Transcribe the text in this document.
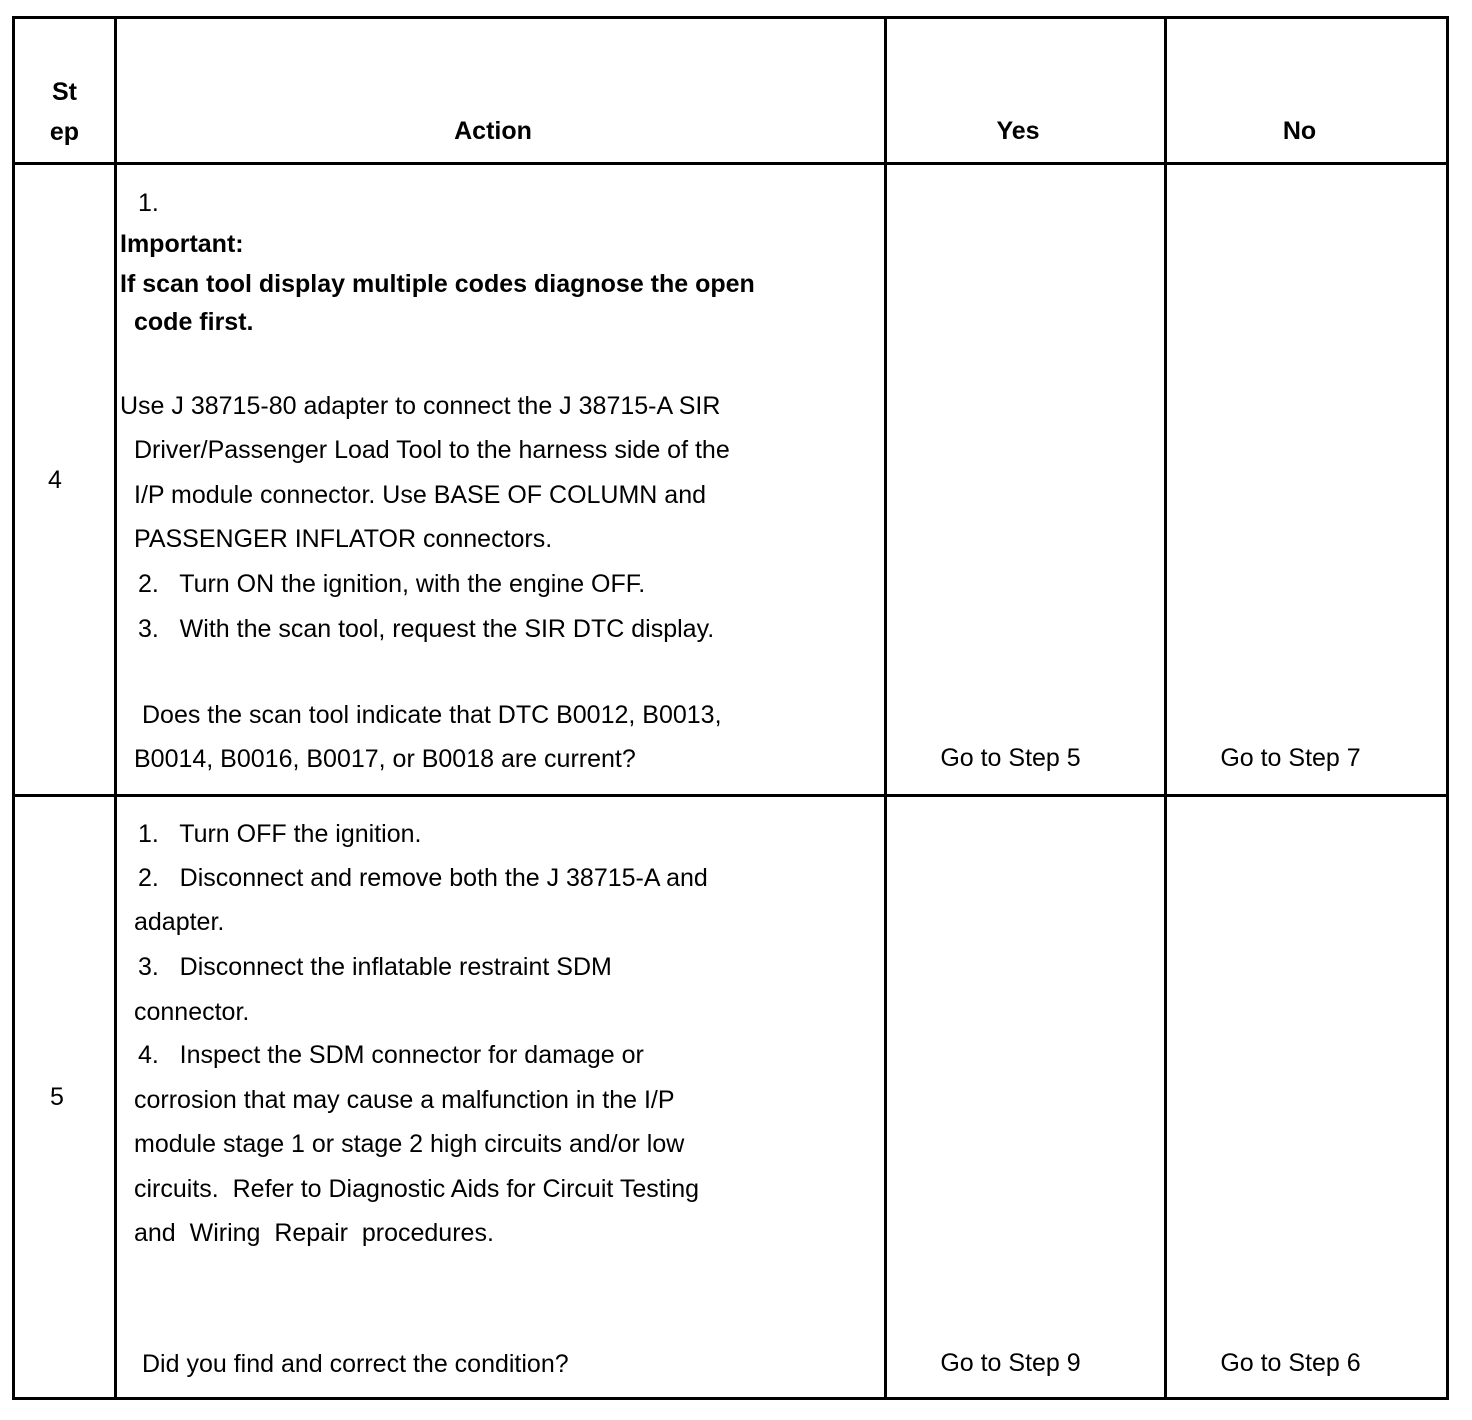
St
ep	Action	Yes	No
4
1.
Important:
If scan tool display multiple codes diagnose the open
code first.
Use J 38715-80 adapter to connect the J 38715-A SIR
Driver/Passenger Load Tool to the harness side of the
I/P module connector. Use BASE OF COLUMN and
PASSENGER INFLATOR connectors.
2.   Turn ON the ignition, with the engine OFF.
3.   With the scan tool, request the SIR DTC display.
Does the scan tool indicate that DTC B0012, B0013,
B0014, B0016, B0017, or B0018 are current?	Go to Step 5	Go to Step 7
5
1.   Turn OFF the ignition.
2.   Disconnect and remove both the J 38715-A and
adapter.
3.   Disconnect the inflatable restraint SDM
connector.
4.   Inspect the SDM connector for damage or
corrosion that may cause a malfunction in the I/P
module stage 1 or stage 2 high circuits and/or low
circuits.  Refer to Diagnostic Aids for Circuit Testing
and  Wiring  Repair  procedures.
Did you find and correct the condition?	Go to Step 9	Go to Step 6
